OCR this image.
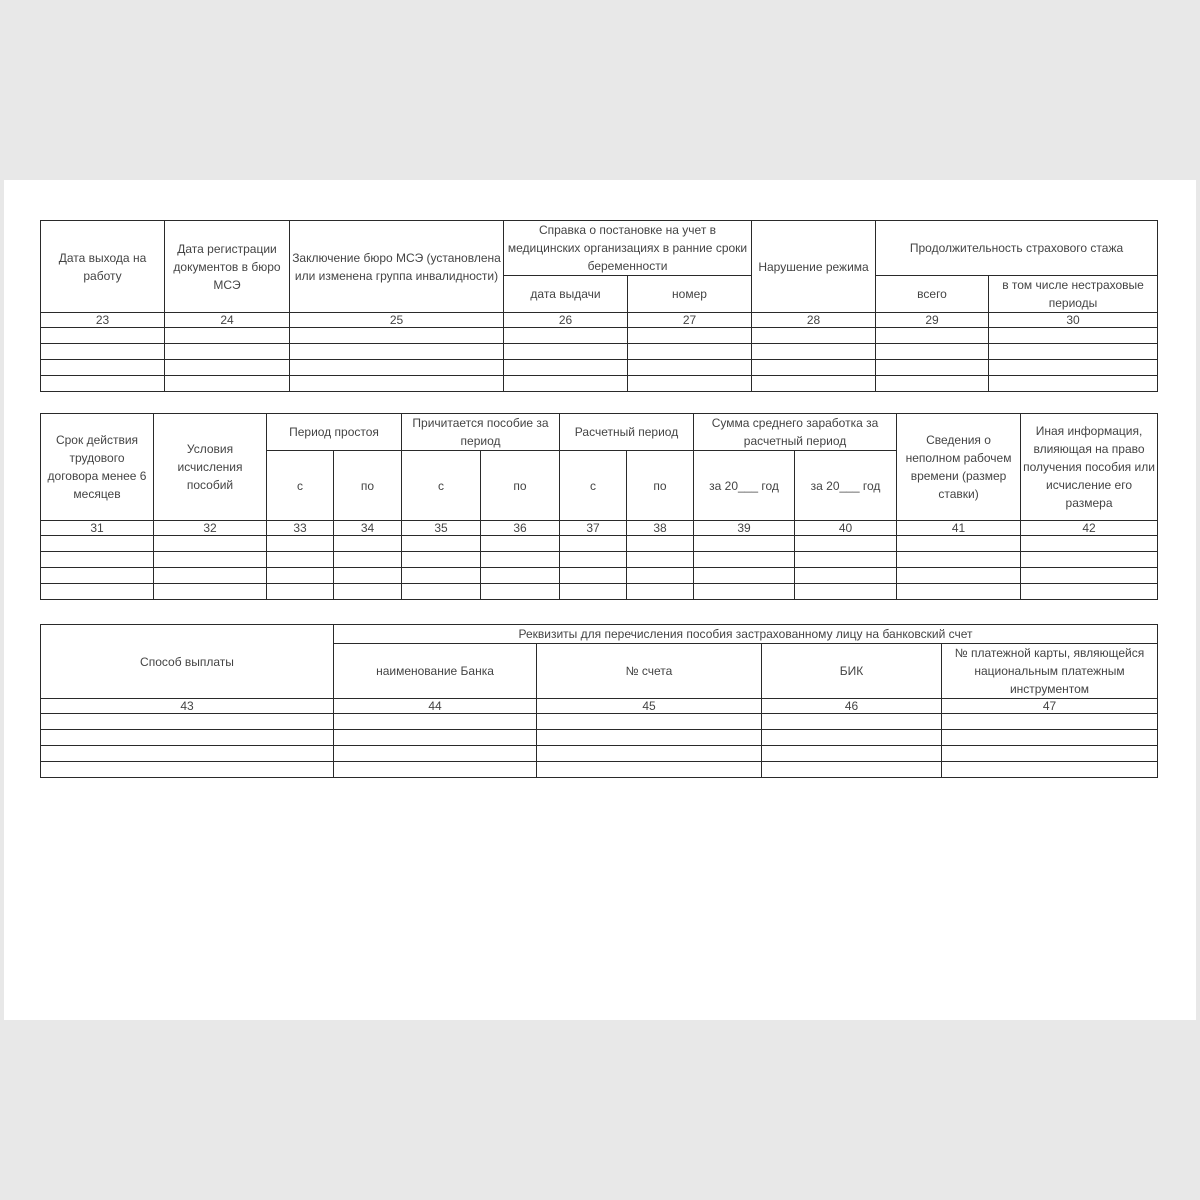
Дата выхода на работу	Дата регистрации документов в бюро МСЭ	Заключение бюро МСЭ (установлена или изменена группа инвалидности)	Справка о постановке на учет в медицинских организациях в ранние сроки беременности		Нарушение режима	Продолжительность страхового стажа	
			дата выдачи	номер		всего	в том числе нестраховые периоды
23	24	25	26	27	28	29	30

Срок действия трудового договора менее 6 месяцев	Условия исчисления пособий	Период простоя		Причитается пособие за период		Расчетный период		Сумма среднего заработка за расчетный период		Сведения о неполном рабочем времени (размер ставки)	Иная информация, влияющая на право получения пособия или исчисление его размера
		с	по	с	по	с	по	за 20___ год	за 20___ год		
31	32	33	34	35	36	37	38	39	40	41	42

Способ выплаты	Реквизиты для перечисления пособия застрахованному лицу на банковский счет			
	наименование Банка	№ счета	БИК	№ платежной карты, являющейся национальным платежным инструментом
43	44	45	46	47
